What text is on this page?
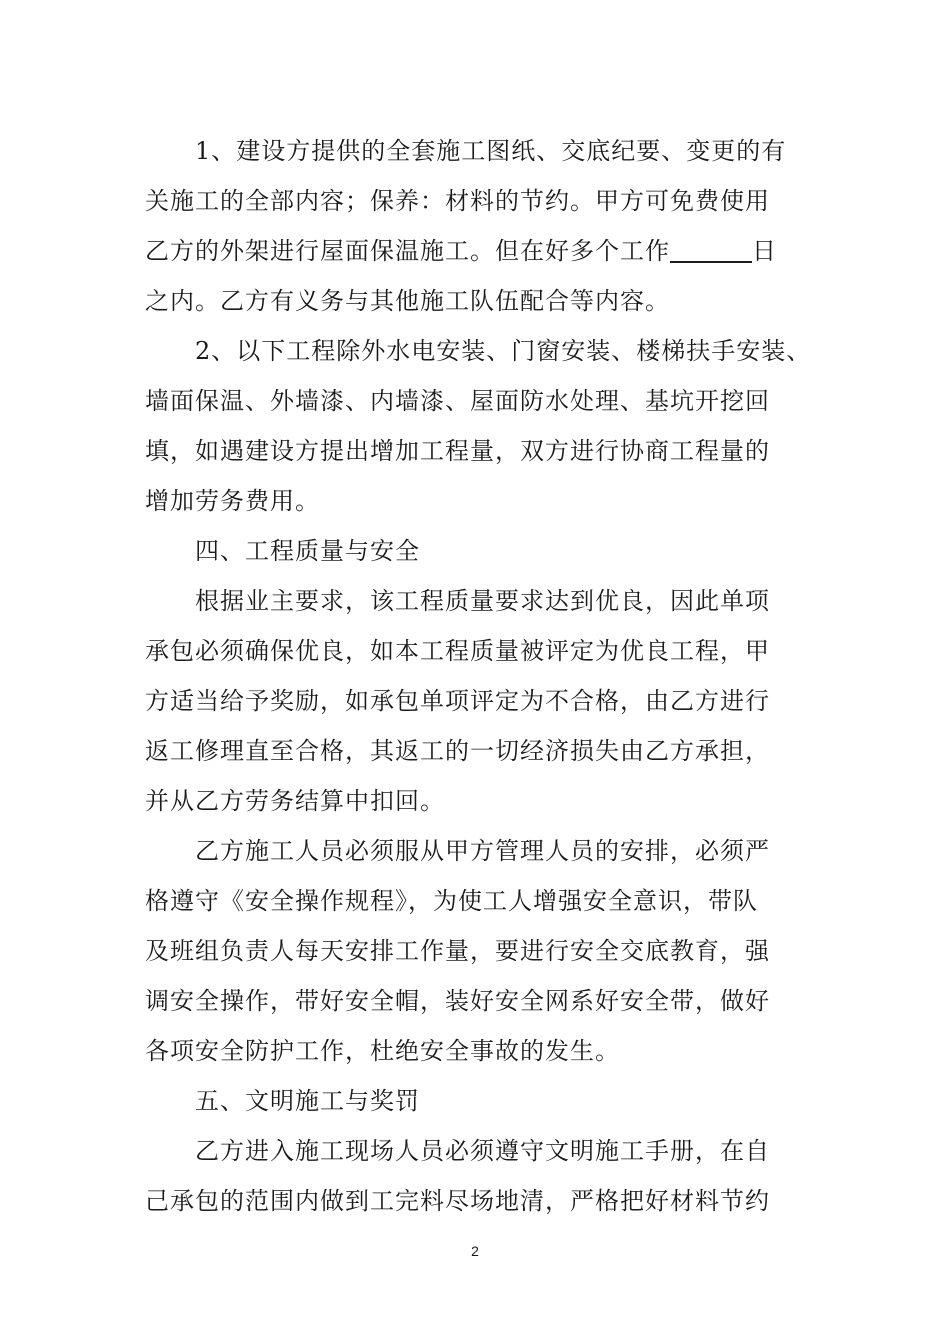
1、建设方提供的全套施工图纸、交底纪要、变更的有
关施工的全部内容；保养：材料的节约。甲方可免费使用
乙方的外架进行屋面保温施工。但在好多个工作	日
之内。乙方有义务与其他施工队伍配合等内容。
2、以下工程除外水电安装、门窗安装、楼梯扶手安装、
墙面保温、外墙漆、内墙漆、屋面防水处理、基坑开挖回
填，如遇建设方提出增加工程量，双方进行协商工程量的
增加劳务费用。
四、工程质量与安全
根据业主要求，该工程质量要求达到优良，因此单项
承包必须确保优良，如本工程质量被评定为优良工程，甲
方适当给予奖励，如承包单项评定为不合格，由乙方进行
返工修理直至合格，其返工的一切经济损失由乙方承担，
并从乙方劳务结算中扣回。
乙方施工人员必须服从甲方管理人员的安排，必须严
格遵守《安全操作规程》，为使工人增强安全意识，带队
及班组负责人每天安排工作量，要进行安全交底教育，强
调安全操作，带好安全帽，装好安全网系好安全带，做好
各项安全防护工作，杜绝安全事故的发生。
五、文明施工与奖罚
乙方进入施工现场人员必须遵守文明施工手册，在自
己承包的范围内做到工完料尽场地清，严格把好材料节约
2
